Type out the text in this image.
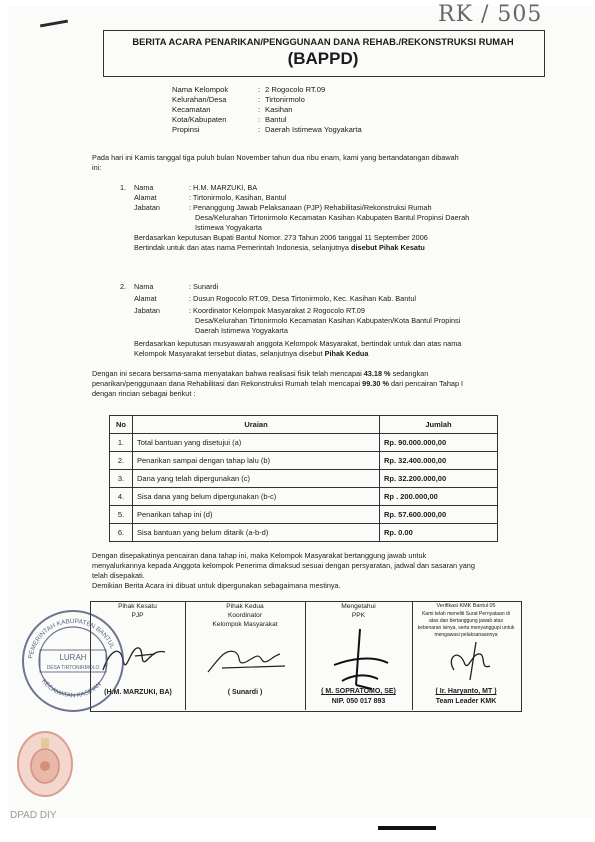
RK / 505
BERITA ACARA PENARIKAN/PENGGUNAAN DANA REHAB./REKONSTRUKSI RUMAH
(BAPPD)
Nama Kelompok	: 2 Rogocolo RT.09
Kelurahan/Desa	: Tirtonirmolo
Kecamatan	: Kasihan
Kota/Kabupaten	: Bantul
Propinsi	: Daerah Istimewa Yogyakarta
Pada hari ini Kamis tanggal tiga puluh bulan November tahun dua ribu enam, kami yang bertandatangan dibawah
ini:
1. Nama	: H.M. MARZUKI, BA
Alamat	: Tirtonirmolo, Kasihan, Bantul
Jabatan	: Penanggung Jawab Pelaksanaan (PJP) Rehabilitasi/Rekonstruksi Rumah
Desa/Kelurahan Tirtonirmolo Kecamatan Kasihan Kabupaten Bantul Propinsi Daerah
Istimewa Yogyakarta
Berdasarkan keputusan Bupati Bantul Nomor. 273 Tahun 2006 tanggal 11 September 2006
Bertindak untuk dan atas nama Pemerintah Indonesia, selanjutnya disebut Pihak Kesatu
2. Nama	: Sunardi
Alamat	: Dusun Rogocolo RT.09, Desa Tirtonirmolo, Kec. Kasihan Kab. Bantul
Jabatan	: Koordinator Kelompok Masyarakat 2 Rogocolo RT.09
Desa/Kelurahan Tirtonirmolo Kecamatan Kasihan Kabupaten/Kota Bantul Propinsi
Daerah Istimewa Yogyakarta
Berdasarkan keputusan musyawarah anggota Kelompok Masyarakat, bertindak untuk dan atas nama
Kelompok Masyarakat tersebut diatas, selanjutnya disebut Pihak Kedua
Dengan ini secara bersama-sama menyatakan bahwa realisasi fisik telah mencapai 43.18 % sedangkan
penarikan/penggunaan dana Rehabilitasi dan Rekonstruksi Rumah telah mencapai 99.30 % dari pencairan Tahap I
dengan rincian sebagai berikut :
No	Uraian	Jumlah
1.	Total bantuan yang disetujui (a)	Rp. 90.000.000,00
2.	Penarikan sampai dengan tahap lalu (b)	Rp. 32.400.000,00
3.	Dana yang telah dipergunakan (c)	Rp. 32.200.000,00
4.	Sisa dana yang belum dipergunakan (b-c)	Rp . 200.000,00
5.	Penarikan tahap ini (d)	Rp. 57.600.000,00
6.	Sisa bantuan yang belum ditarik (a-b-d)	Rp. 0.00
Dengan disepakatinya pencairan dana tahap ini, maka Kelompok Masyarakat bertanggung jawab untuk
menyalurkannya kepada Anggota kelompok Penerima dimaksud sesuai dengan persyaratan, jadwal dan sasaran yang
telah disepakati.
Demikian Berita Acara ini dibuat untuk dipergunakan sebagaimana mestinya.
Pihak Kesatu
PJP
(H.M. MARZUKI, BA)
Pihak Kedua
Koordinator
Kelompok Masyarakat
( Sunardi )
Mengetahui
PPK
( M. SOPRATOMO, SE)
NIP. 050 017 893
Verifikasi KMK Bantul 05
Kami telah meneliti Surat Pernyataan di
atas dan bertanggung jawab atas
kebenaran isinya, serta menyanggupi untuk
mengawasi pelaksanaannya
( Ir. Haryanto, MT )
Team Leader KMK
PEMERINTAH KABUPATEN BANTUL
KECAMATAN KASIHAN
LURAH
DESA TIRTONIRMOLO
DPAD DIY
